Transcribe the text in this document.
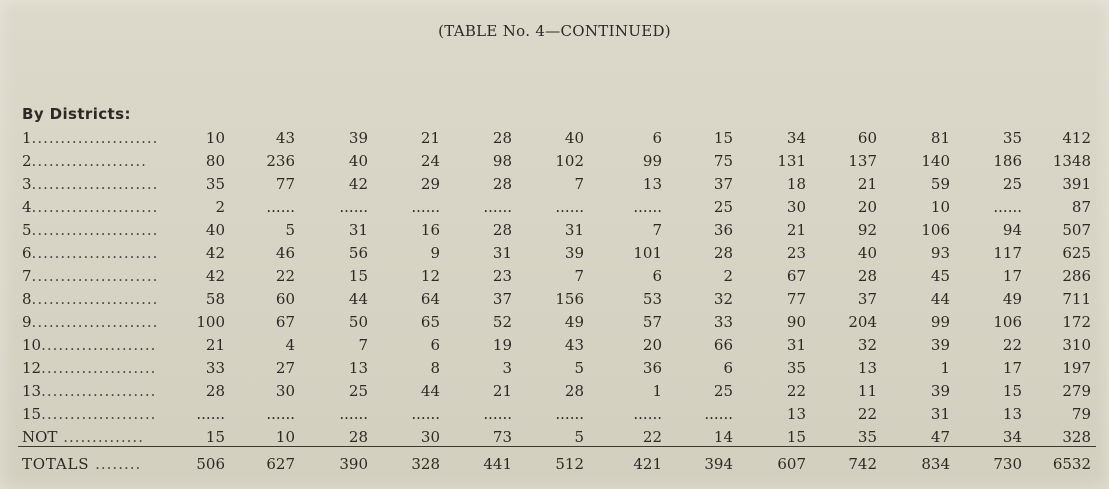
(TABLE No. 4—CONTINUED)
By Districts:
1......................	10	43	39	21	28	40	6	15	34	60	81	35	412
2....................	80	236	40	24	98	102	99	75	131	137	140	186	1348
3......................	35	77	42	29	28	7	13	37	18	21	59	25	391
4......................	2	......	......	......	......	......	......	25	30	20	10	......	87
5......................	40	5	31	16	28	31	7	36	21	92	106	94	507
6......................	42	46	56	9	31	39	101	28	23	40	93	117	625
7......................	42	22	15	12	23	7	6	2	67	28	45	17	286
8......................	58	60	44	64	37	156	53	32	77	37	44	49	711
9......................	100	67	50	65	52	49	57	33	90	204	99	106	172
10....................	21	4	7	6	19	43	20	66	31	32	39	22	310
12....................	33	27	13	8	3	5	36	6	35	13	1	17	197
13....................	28	30	25	44	21	28	1	25	22	11	39	15	279
15....................	......	......	......	......	......	......	......	......	13	22	31	13	79
NOT ..............	15	10	28	30	73	5	22	14	15	35	47	34	328
TOTALS ........	506	627	390	328	441	512	421	394	607	742	834	730	6532
